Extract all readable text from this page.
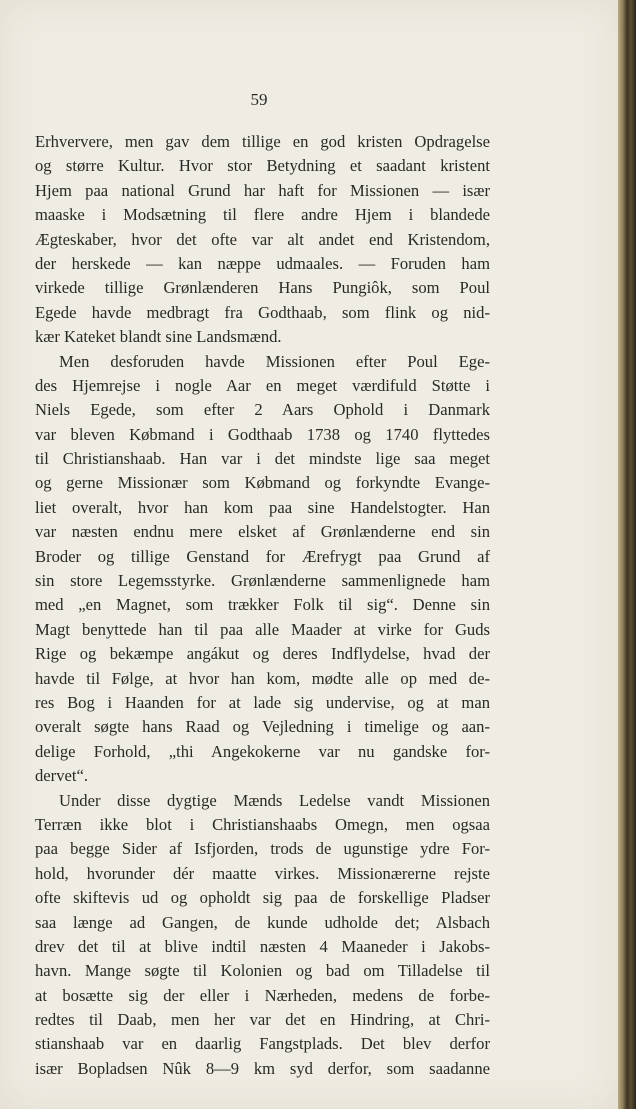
59
Erhververe, men gav dem tillige en god kristen Opdragelse
og større Kultur. Hvor stor Betydning et saadant kristent
Hjem paa national Grund har haft for Missionen — især
maaske i Modsætning til flere andre Hjem i blandede
Ægteskaber, hvor det ofte var alt andet end Kristendom,
der herskede — kan næppe udmaales. — Foruden ham
virkede tillige Grønlænderen Hans Pungiôk, som Poul
Egede havde medbragt fra Godthaab, som flink og nid-
kær Kateket blandt sine Landsmænd.
Men desforuden havde Missionen efter Poul Ege-
des Hjemrejse i nogle Aar en meget værdifuld Støtte i
Niels Egede, som efter 2 Aars Ophold i Danmark
var bleven Købmand i Godthaab 1738 og 1740 flyttedes
til Christianshaab. Han var i det mindste lige saa meget
og gerne Missionær som Købmand og forkyndte Evange-
liet overalt, hvor han kom paa sine Handelstogter. Han
var næsten endnu mere elsket af Grønlænderne end sin
Broder og tillige Genstand for Ærefrygt paa Grund af
sin store Legemsstyrke. Grønlænderne sammenlignede ham
med „en Magnet, som trækker Folk til sig“. Denne sin
Magt benyttede han til paa alle Maader at virke for Guds
Rige og bekæmpe angákut og deres Indflydelse, hvad der
havde til Følge, at hvor han kom, mødte alle op med de-
res Bog i Haanden for at lade sig undervise, og at man
overalt søgte hans Raad og Vejledning i timelige og aan-
delige Forhold, „thi Angekokerne var nu gandske for-
dervet“.
Under disse dygtige Mænds Ledelse vandt Missionen
Terræn ikke blot i Christianshaabs Omegn, men ogsaa
paa begge Sider af Isfjorden, trods de ugunstige ydre For-
hold, hvorunder dér maatte virkes. Missionærerne rejste
ofte skiftevis ud og opholdt sig paa de forskellige Pladser
saa længe ad Gangen, de kunde udholde det; Alsbach
drev det til at blive indtil næsten 4 Maaneder i Jakobs-
havn. Mange søgte til Kolonien og bad om Tilladelse til
at bosætte sig der eller i Nærheden, medens de forbe-
redtes til Daab, men her var det en Hindring, at Chri-
stianshaab var en daarlig Fangstplads. Det blev derfor
især Bopladsen Nûk 8—9 km syd derfor, som saadanne
